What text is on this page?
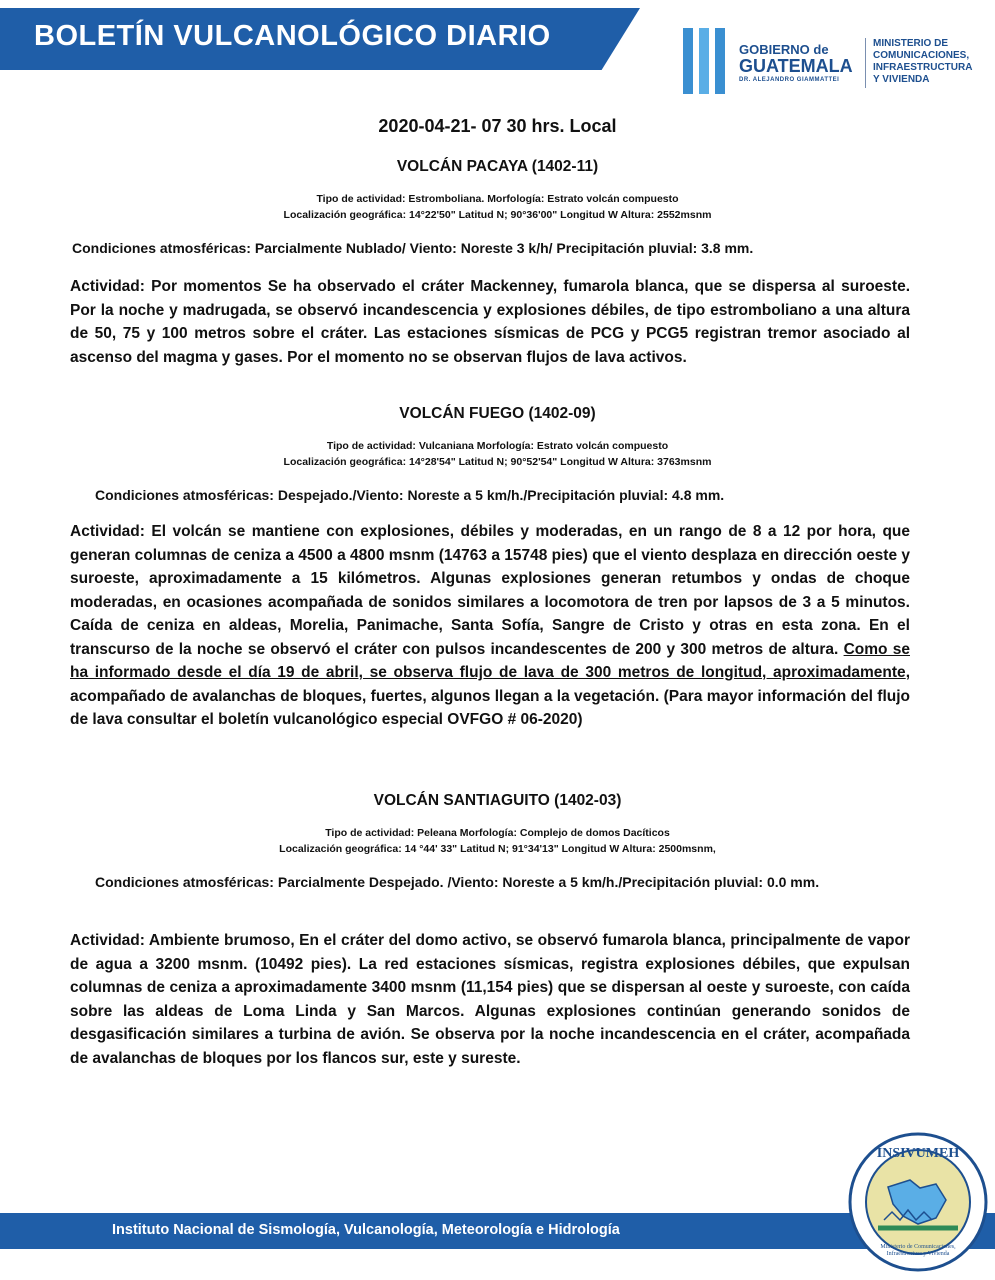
BOLETÍN VULCANOLÓGICO DIARIO	GOBIERNO de
GUATEMALA
DR. ALEJANDRO GIAMMATTEI
MINISTERIO DE
COMUNICACIONES,
INFRAESTRUCTURA
Y VIVIENDA
2020-04-21- 07 30 hrs. Local
VOLCÁN PACAYA (1402-11)
Tipo de actividad: Estromboliana. Morfología: Estrato volcán compuesto
Localización geográfica: 14°22'50" Latitud N; 90°36'00" Longitud W Altura: 2552msnm
Condiciones atmosféricas: Parcialmente Nublado/ Viento: Noreste 3 k/h/ Precipitación pluvial: 3.8 mm.
Actividad: Por momentos Se ha observado el cráter Mackenney, fumarola blanca, que se dispersa al suroeste. Por la noche y madrugada, se observó incandescencia y explosiones débiles, de tipo estromboliano a una altura de 50, 75 y 100 metros sobre el cráter. Las estaciones sísmicas de PCG y PCG5 registran tremor asociado al ascenso del magma y gases. Por el momento no se observan flujos de lava activos.
VOLCÁN FUEGO (1402-09)
Tipo de actividad: Vulcaniana Morfología: Estrato volcán compuesto
Localización geográfica: 14°28'54" Latitud N; 90°52'54" Longitud W Altura: 3763msnm
Condiciones atmosféricas: Despejado./Viento: Noreste a 5 km/h./Precipitación pluvial: 4.8 mm.
Actividad: El volcán se mantiene con explosiones, débiles y moderadas, en un rango de 8 a 12 por hora, que generan columnas de ceniza a 4500 a 4800 msnm (14763 a 15748 pies) que el viento desplaza en dirección oeste y suroeste, aproximadamente a 15 kilómetros. Algunas explosiones generan retumbos y ondas de choque moderadas, en ocasiones acompañada de sonidos similares a locomotora de tren por lapsos de 3 a 5 minutos. Caída de ceniza en aldeas, Morelia, Panimache, Santa Sofía, Sangre de Cristo y otras en esta zona. En el transcurso de la noche se observó el cráter con pulsos incandescentes de 200 y 300 metros de altura. Como se ha informado desde el día 19 de abril, se observa flujo de lava de 300 metros de longitud, aproximadamente, acompañado de avalanchas de bloques, fuertes, algunos llegan a la vegetación. (Para mayor información del flujo de lava consultar el boletín vulcanológico especial OVFGO # 06-2020)
VOLCÁN SANTIAGUITO (1402-03)
Tipo de actividad: Peleana Morfología: Complejo de domos Dacíticos
Localización geográfica: 14 °44' 33" Latitud N; 91°34'13" Longitud W Altura: 2500msnm,
Condiciones atmosféricas: Parcialmente Despejado. /Viento: Noreste a 5 km/h./Precipitación pluvial: 0.0 mm.
Actividad: Ambiente brumoso, En el cráter del domo activo, se observó fumarola blanca, principalmente de vapor de agua a 3200 msnm. (10492 pies). La red estaciones sísmicas, registra explosiones débiles, que expulsan columnas de ceniza a aproximadamente 3400 msnm (11,154 pies) que se dispersan al oeste y suroeste, con caída sobre las aldeas de Loma Linda y San Marcos. Algunas explosiones continúan generando sonidos de desgasificación similares a turbina de avión. Se observa por la noche incandescencia en el cráter, acompañada de avalanchas de bloques por los flancos sur, este y sureste.
Instituto Nacional de Sismología, Vulcanología, Meteorología e Hidrología
INSIVUMEH
Ministerio de Comunicaciones, Infraestructura y Vivienda
